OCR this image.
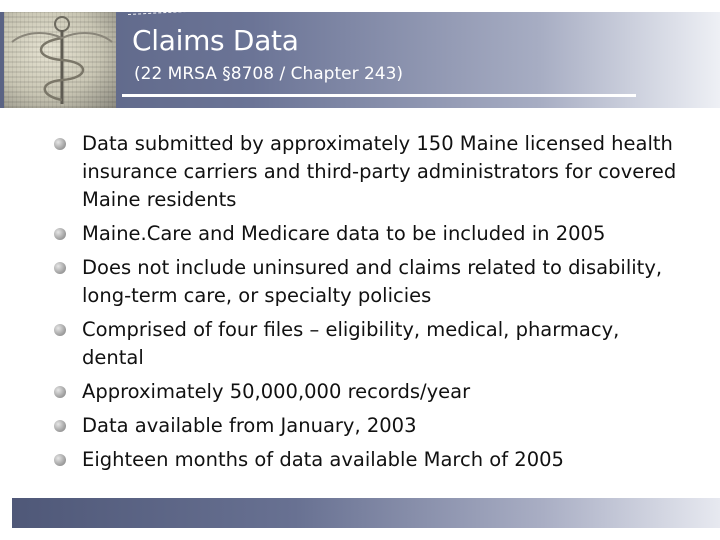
Claims Data

(22 MRSA §8708 / Chapter 243)

Data submitted by approximately 150 Maine licensed health insurance carriers and third-party administrators for covered Maine residents
Maine.Care and Medicare data to be included in 2005
Does not include uninsured and claims related to disability, long-term care, or specialty policies
Comprised of four files – eligibility, medical, pharmacy, dental
Approximately 50,000,000 records/year
Data available from January, 2003
Eighteen months of data available March of 2005
